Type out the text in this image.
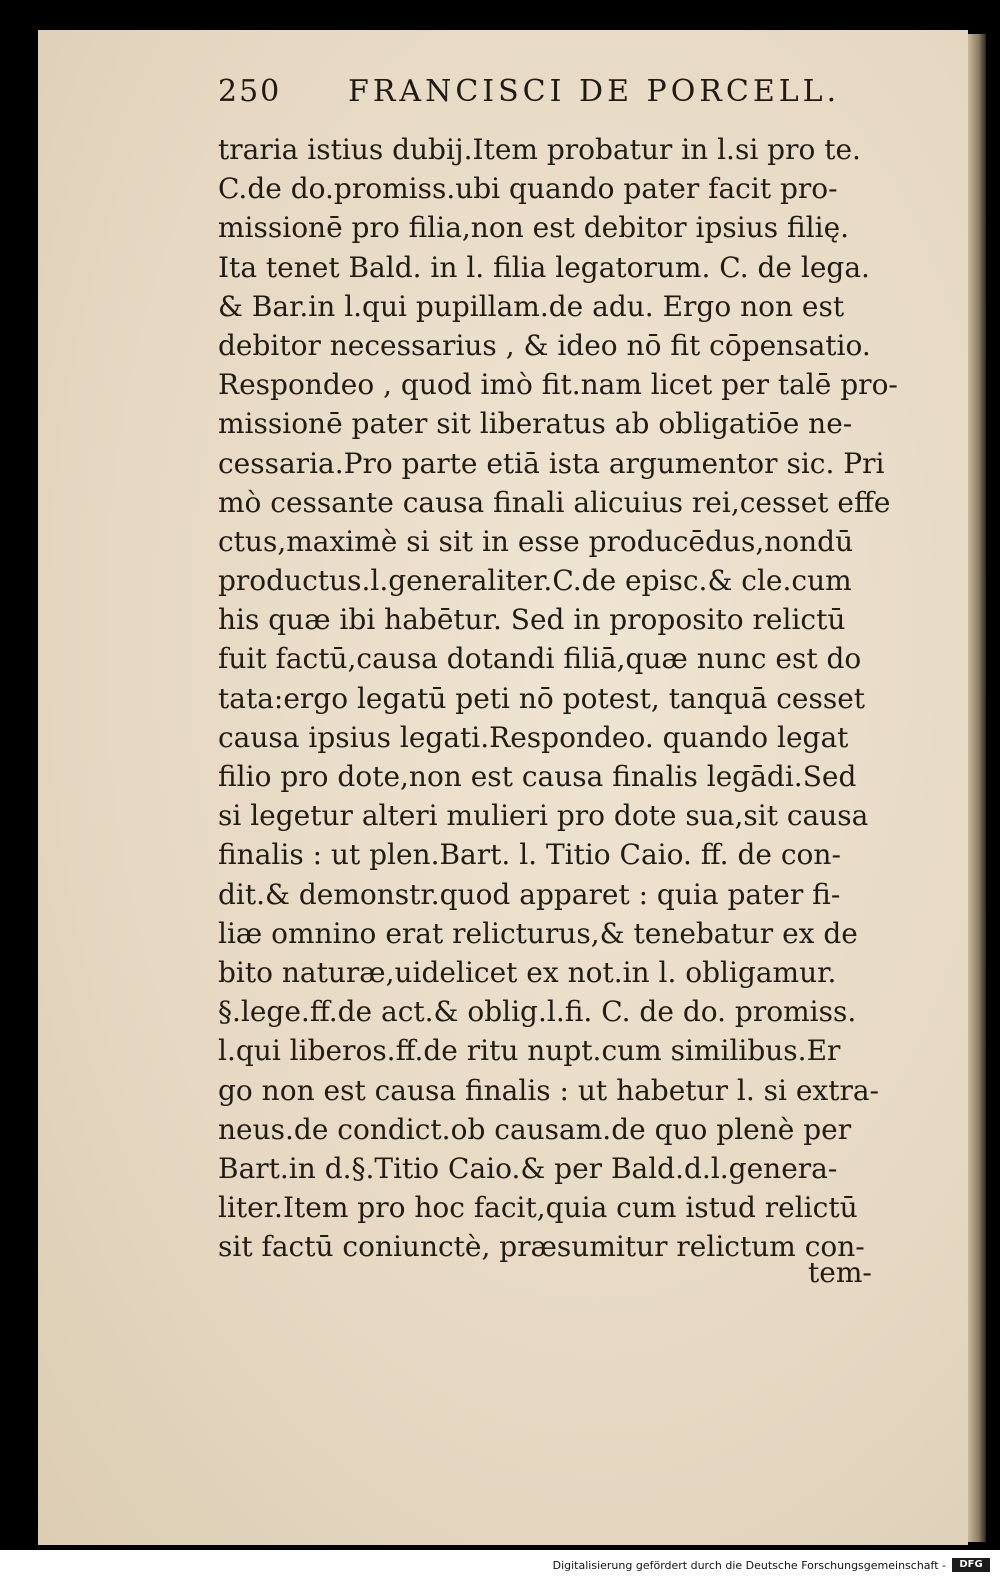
250 FRANCISCI DE PORCELL.
traria istius dubij.Item probatur in l.si pro te.
C.de do.promiss.ubi quando pater facit pro-
missionē pro filia,non est debitor ipsius filię.
Ita tenet Bald. in l. filia legatorum. C. de lega.
& Bar.in l.qui pupillam.de adu. Ergo non est
debitor necessarius , & ideo nō fit cōpensatio.
Respondeo , quod imò fit.nam licet per talē pro-
missionē pater sit liberatus ab obligatiōe ne-
cessaria.Pro parte etiā ista argumentor sic. Pri
mò cessante causa finali alicuius rei,cesset effe
ctus,maximè si sit in esse producēdus,nondū
productus.l.generaliter.C.de episc.& cle.cum
his quæ ibi habētur. Sed in proposito relictū
fuit factū,causa dotandi filiā,quæ nunc est do
tata:ergo legatū peti nō potest, tanquā cesset
causa ipsius legati.Respondeo. quando legat
filio pro dote,non est causa finalis legādi.Sed
si legetur alteri mulieri pro dote sua,sit causa
finalis : ut plen.Bart. l. Titio Caio. ff. de con-
dit.& demonstr.quod apparet : quia pater fi-
liæ omnino erat relicturus,& tenebatur ex de
bito naturæ,uidelicet ex not.in l. obligamur.
§.lege.ff.de act.& oblig.l.fi. C. de do. promiss.
l.qui liberos.ff.de ritu nupt.cum similibus.Er
go non est causa finalis : ut habetur l. si extra-
neus.de condict.ob causam.de quo plenè per
Bart.in d.§.Titio Caio.& per Bald.d.l.genera-
liter.Item pro hoc facit,quia cum istud relictū
sit factū coniunctè, præsumitur relictum con-
tem-
Digitalisierung gefördert durch die Deutsche Forschungsgemeinschaft -	DFG
